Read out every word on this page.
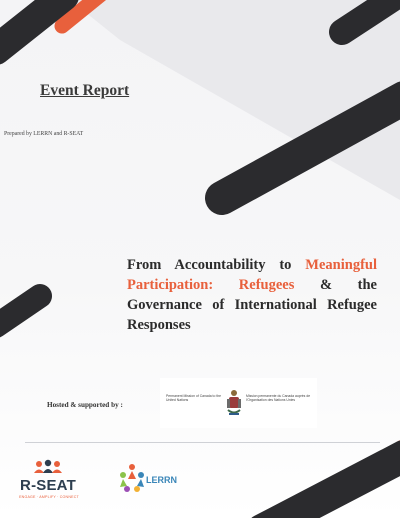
Event Report
Prepared by LERRN and R-SEAT
From Accountability to Meaningful Participation: Refugees & the Governance of International Refugee Responses
Hosted & supported by :
Permanent Mission of Canada to the United Nations
Mission permanente du Canada auprès de l'Organisation des Nations Unies
R-SEAT
ENGAGE · AMPLIFY · CONNECT
LERRN
